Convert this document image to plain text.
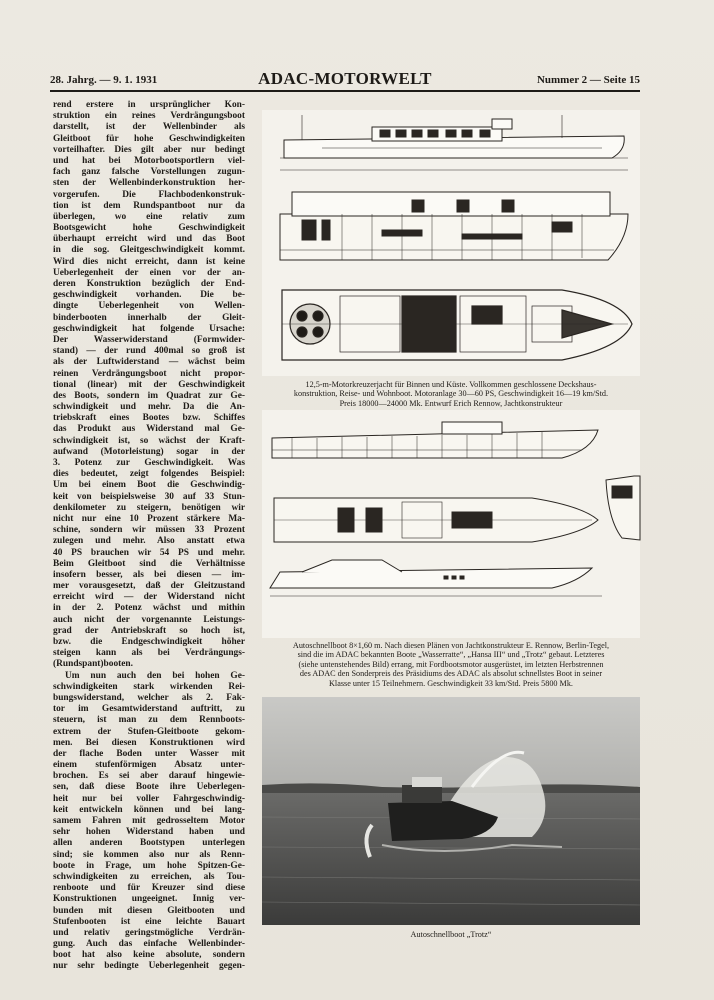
28. Jahrg. — 9. 1. 1931	ADAC-MOTORWELT	Nummer 2 — Seite 15
rend erstere in ursprünglicher Kon-
struktion ein reines Verdrängungsboot
darstellt, ist der Wellenbinder als
Gleitboot für hohe Geschwindigkeiten
vorteilhafter. Dies gilt aber nur bedingt
und hat bei Motorbootsportlern viel-
fach ganz falsche Vorstellungen zugun-
sten der Wellenbinderkonstruktion her-
vorgerufen. Die Flachbodenkonstruk-
tion ist dem Rundspantboot nur da
überlegen, wo eine relativ zum
Bootsgewicht hohe Geschwindigkeit
überhaupt erreicht wird und das Boot
in die sog. Gleitgeschwindigkeit kommt.
Wird dies nicht erreicht, dann ist keine
Ueberlegenheit der einen vor der an-
deren Konstruktion bezüglich der End-
geschwindigkeit vorhanden. Die be-
dingte Ueberlegenheit von Wellen-
binderbooten innerhalb der Gleit-
geschwindigkeit hat folgende Ursache:
Der Wasserwiderstand (Formwider-
stand) — der rund 400mal so groß ist
als der Luftwiderstand — wächst beim
reinen Verdrängungsboot nicht propor-
tional (linear) mit der Geschwindigkeit
des Boots, sondern im Quadrat zur Ge-
schwindigkeit und mehr. Da die An-
triebskraft eines Bootes bzw. Schiffes
das Produkt aus Widerstand mal Ge-
schwindigkeit ist, so wächst der Kraft-
aufwand (Motorleistung) sogar in der
3. Potenz zur Geschwindigkeit. Was
dies bedeutet, zeigt folgendes Beispiel:
Um bei einem Boot die Geschwindig-
keit von beispielsweise 30 auf 33 Stun-
denkilometer zu steigern, benötigen wir
nicht nur eine 10 Prozent stärkere Ma-
schine, sondern wir müssen 33 Prozent
zulegen und mehr. Also anstatt etwa
40 PS brauchen wir 54 PS und mehr.
Beim Gleitboot sind die Verhältnisse
insofern besser, als bei diesen — im-
mer vorausgesetzt, daß der Gleitzustand
erreicht wird — der Widerstand nicht
in der 2. Potenz wächst und mithin
auch nicht der vorgenannte Leistungs-
grad der Antriebskraft so hoch ist,
bzw. die Endgeschwindigkeit höher
steigen kann als bei Verdrängungs-
(Rundspant)booten.
Um nun auch den bei hohen Ge-
schwindigkeiten stark wirkenden Rei-
bungswiderstand, welcher als 2. Fak-
tor im Gesamtwiderstand auftritt, zu
steuern, ist man zu dem Rennboots-
extrem der Stufen-Gleitboote gekom-
men. Bei diesen Konstruktionen wird
der flache Boden unter Wasser mit
einem stufenförmigen Absatz unter-
brochen. Es sei aber darauf hingewie-
sen, daß diese Boote ihre Ueberlegen-
heit nur bei voller Fahrgeschwindig-
keit entwickeln können und bei lang-
samem Fahren mit gedrosseltem Motor
sehr hohen Widerstand haben und
allen anderen Bootstypen unterlegen
sind; sie kommen also nur als Renn-
boote in Frage, um hohe Spitzen-Ge-
schwindigkeiten zu erreichen, als Tou-
renboote und für Kreuzer sind diese
Konstruktionen ungeeignet. Innig ver-
bunden mit diesen Gleitbooten und
Stufenbooten ist eine leichte Bauart
und relativ geringstmögliche Verdrän-
gung. Auch das einfache Wellenbinder-
boot hat also keine absolute, sondern
nur sehr bedingte Ueberlegenheit gegen-
12,5-m-Motorkreuzerjacht für Binnen und Küste. Vollkommen geschlossene Deckshaus-
konstruktion, Reise- und Wohnboot. Motoranlage 30—60 PS, Geschwindigkeit 16—19 km/Std.
Preis 18000—24000 Mk. Entwurf Erich Rennow, Jachtkonstrukteur
Autoschnellboot 8×1,60 m. Nach diesen Plänen von Jachtkonstrukteur E. Rennow, Berlin-Tegel,
sind die im ADAC bekannten Boote „Wasserratte“, „Hansa III“ und „Trotz“ gebaut. Letzteres
(siehe untenstehendes Bild) errang, mit Fordbootsmotor ausgerüstet, im letzten Herbstrennen
des ADAC den Sonderpreis des Präsidiums des ADAC als absolut schnellstes Boot in seiner
Klasse unter 15 Teilnehmern. Geschwindigkeit 33 km/Std. Preis 5800 Mk.
Autoschnellboot „Trotz“
